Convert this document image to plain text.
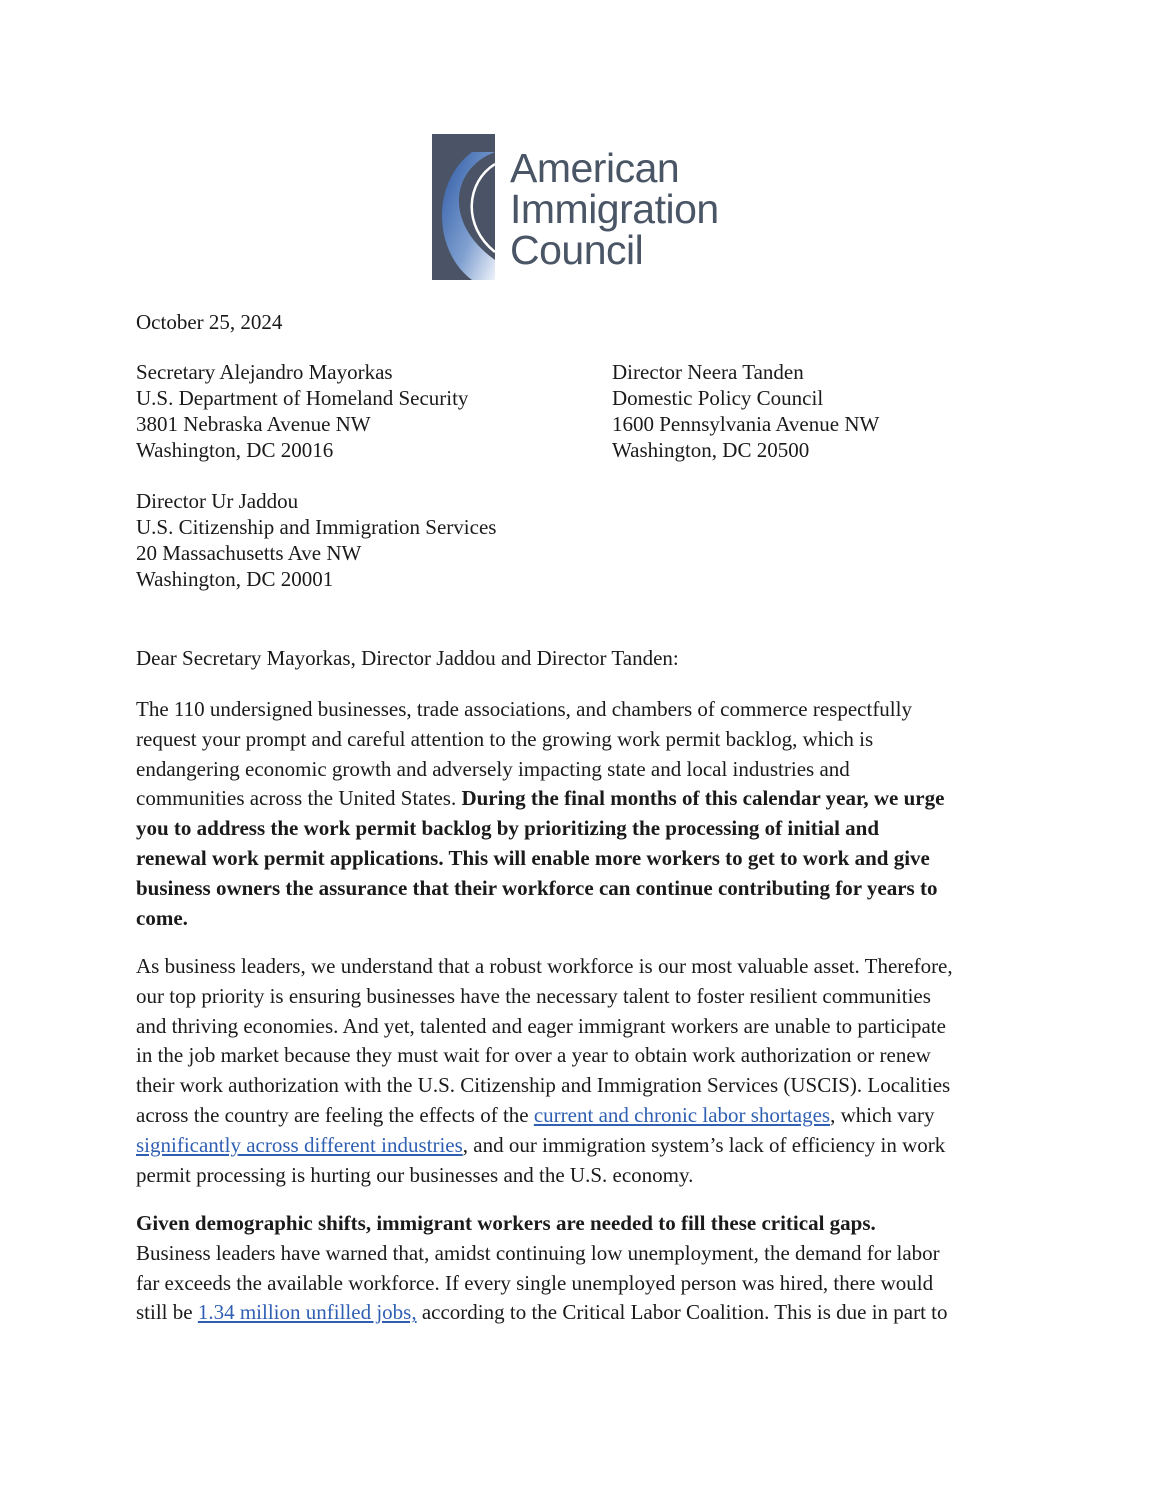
American
Immigration
Council
October 25, 2024
Secretary Alejandro Mayorkas
U.S. Department of Homeland Security
3801 Nebraska Avenue NW
Washington, DC 20016
Director Neera Tanden
Domestic Policy Council
1600 Pennsylvania Avenue NW
Washington, DC 20500
Director Ur Jaddou
U.S. Citizenship and Immigration Services
20 Massachusetts Ave NW
Washington, DC 20001
Dear Secretary Mayorkas, Director Jaddou and Director Tanden:
The 110 undersigned businesses, trade associations, and chambers of commerce respectfully
request your prompt and careful attention to the growing work permit backlog, which is
endangering economic growth and adversely impacting state and local industries and
communities across the United States. During the final months of this calendar year, we urge
you to address the work permit backlog by prioritizing the processing of initial and
renewal work permit applications. This will enable more workers to get to work and give
business owners the assurance that their workforce can continue contributing for years to
come.
As business leaders, we understand that a robust workforce is our most valuable asset. Therefore,
our top priority is ensuring businesses have the necessary talent to foster resilient communities
and thriving economies. And yet, talented and eager immigrant workers are unable to participate
in the job market because they must wait for over a year to obtain work authorization or renew
their work authorization with the U.S. Citizenship and Immigration Services (USCIS). Localities
across the country are feeling the effects of the current and chronic labor shortages, which vary
significantly across different industries, and our immigration system’s lack of efficiency in work
permit processing is hurting our businesses and the U.S. economy.
Given demographic shifts, immigrant workers are needed to fill these critical gaps.
Business leaders have warned that, amidst continuing low unemployment, the demand for labor
far exceeds the available workforce. If every single unemployed person was hired, there would
still be 1.34 million unfilled jobs, according to the Critical Labor Coalition. This is due in part to
